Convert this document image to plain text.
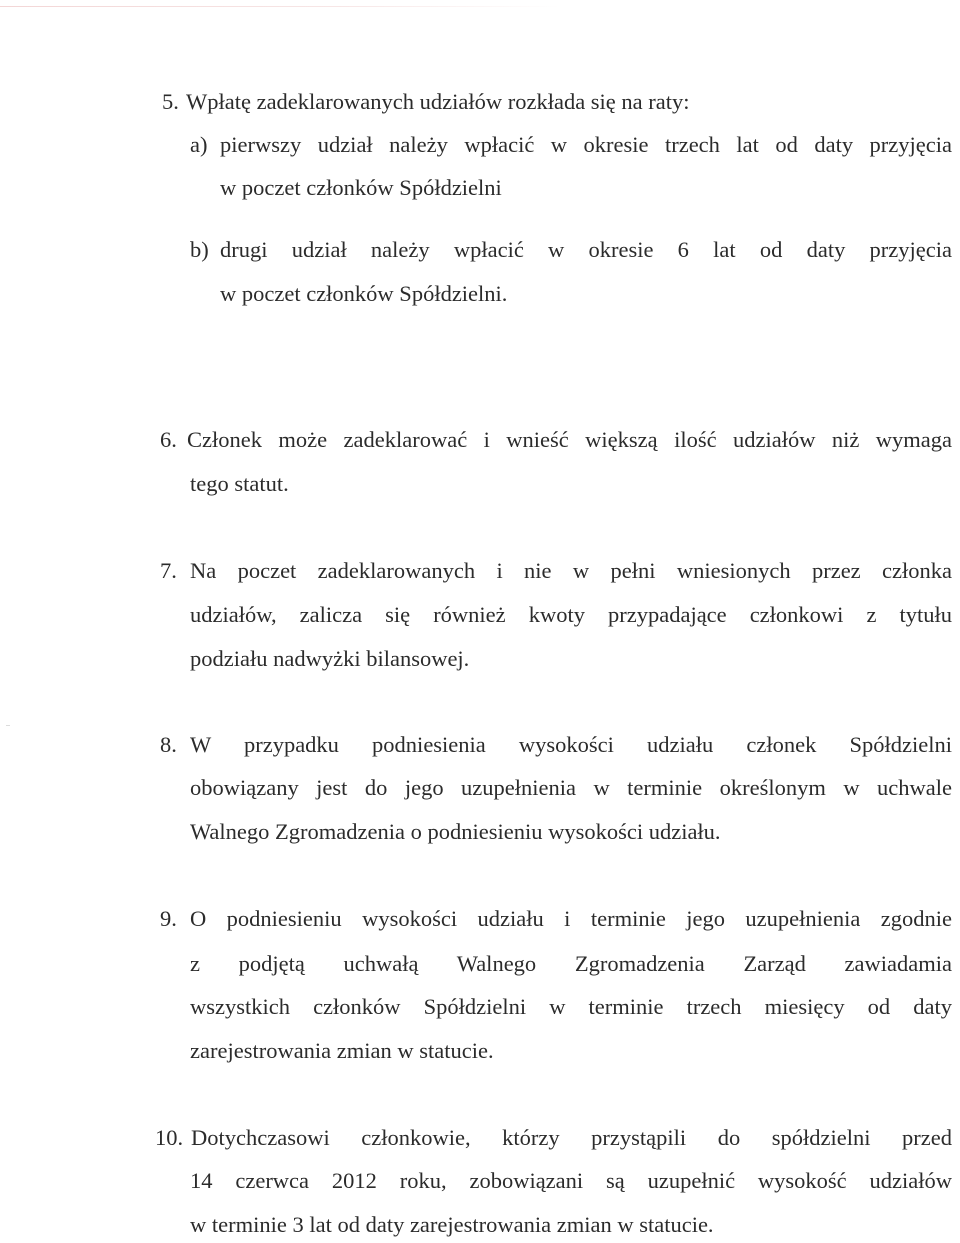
5. Wpłatę zadeklarowanych udziałów rozkłada się na raty:
a) pierwszy udział należy wpłacić w okresie trzech lat od daty przyjęcia
w poczet członków Spółdzielni
b) drugi udział należy wpłacić w okresie 6 lat od daty przyjęcia
w poczet członków Spółdzielni.
6. Członek może zadeklarować i wnieść większą ilość udziałów niż wymaga
tego statut.
7. Na poczet zadeklarowanych i nie w pełni wniesionych przez członka
udziałów, zalicza się również kwoty przypadające członkowi z tytułu
podziału nadwyżki bilansowej.
8. W przypadku podniesienia wysokości udziału członek Spółdzielni
obowiązany jest do jego uzupełnienia w terminie określonym w uchwale
Walnego Zgromadzenia o podniesieniu wysokości udziału.
9. O podniesieniu wysokości udziału i terminie jego uzupełnienia zgodnie
z podjętą uchwałą Walnego Zgromadzenia Zarząd zawiadamia
wszystkich członków Spółdzielni w terminie trzech miesięcy od daty
zarejestrowania zmian w statucie.
10. Dotychczasowi członkowie, którzy przystąpili do spółdzielni przed
14 czerwca 2012 roku, zobowiązani są uzupełnić wysokość udziałów
w terminie 3 lat od daty zarejestrowania zmian w statucie.
